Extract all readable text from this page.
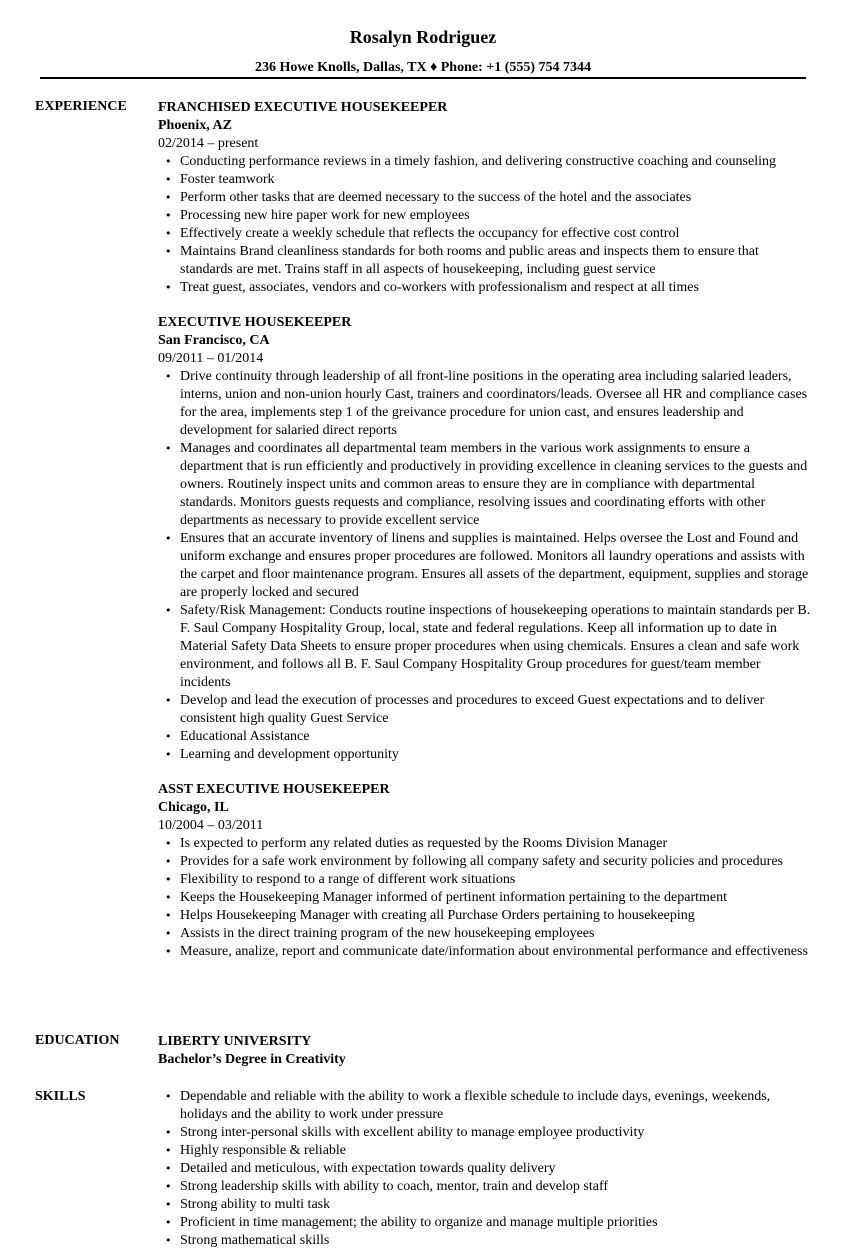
Rosalyn Rodriguez
236 Howe Knolls, Dallas, TX ♦ Phone: +1 (555) 754 7344
EXPERIENCE	FRANCHISED EXECUTIVE HOUSEKEEPER
Phoenix, AZ
02/2014 – present
• Conducting performance reviews in a timely fashion, and delivering constructive coaching and counseling
• Foster teamwork
• Perform other tasks that are deemed necessary to the success of the hotel and the associates
• Processing new hire paper work for new employees
• Effectively create a weekly schedule that reflects the occupancy for effective cost control
• Maintains Brand cleanliness standards for both rooms and public areas and inspects them to ensure that standards are met. Trains staff in all aspects of housekeeping, including guest service
• Treat guest, associates, vendors and co-workers with professionalism and respect at all times
EXECUTIVE HOUSEKEEPER
San Francisco, CA
09/2011 – 01/2014
• Drive continuity through leadership of all front-line positions in the operating area including salaried leaders, interns, union and non-union hourly Cast, trainers and coordinators/leads. Oversee all HR and compliance cases for the area, implements step 1 of the greivance procedure for union cast, and ensures leadership and development for salaried direct reports
• Manages and coordinates all departmental team members in the various work assignments to ensure a department that is run efficiently and productively in providing excellence in cleaning services to the guests and owners. Routinely inspect units and common areas to ensure they are in compliance with departmental standards. Monitors guests requests and compliance, resolving issues and coordinating efforts with other departments as necessary to provide excellent service
• Ensures that an accurate inventory of linens and supplies is maintained. Helps oversee the Lost and Found and uniform exchange and ensures proper procedures are followed. Monitors all laundry operations and assists with the carpet and floor maintenance program. Ensures all assets of the department, equipment, supplies and storage are properly locked and secured
• Safety/Risk Management: Conducts routine inspections of housekeeping operations to maintain standards per B. F. Saul Company Hospitality Group, local, state and federal regulations. Keep all information up to date in Material Safety Data Sheets to ensure proper procedures when using chemicals. Ensures a clean and safe work environment, and follows all B. F. Saul Company Hospitality Group procedures for guest/team member incidents
• Develop and lead the execution of processes and procedures to exceed Guest expectations and to deliver consistent high quality Guest Service
• Educational Assistance
• Learning and development opportunity
ASST EXECUTIVE HOUSEKEEPER
Chicago, IL
10/2004 – 03/2011
• Is expected to perform any related duties as requested by the Rooms Division Manager
• Provides for a safe work environment by following all company safety and security policies and procedures
• Flexibility to respond to a range of different work situations
• Keeps the Housekeeping Manager informed of pertinent information pertaining to the department
• Helps Housekeeping Manager with creating all Purchase Orders pertaining to housekeeping
• Assists in the direct training program of the new housekeeping employees
• Measure, analize, report and communicate date/information about environmental performance and effectiveness
EDUCATION	LIBERTY UNIVERSITY
Bachelor’s Degree in Creativity
SKILLS
•	Dependable and reliable with the ability to work a flexible schedule to include days, evenings, weekends, holidays and the ability to work under pressure
• Strong inter-personal skills with excellent ability to manage employee productivity
• Highly responsible & reliable
• Detailed and meticulous, with expectation towards quality delivery
• Strong leadership skills with ability to coach, mentor, train and develop staff
• Strong ability to multi task
• Proficient in time management; the ability to organize and manage multiple priorities
• Strong mathematical skills
